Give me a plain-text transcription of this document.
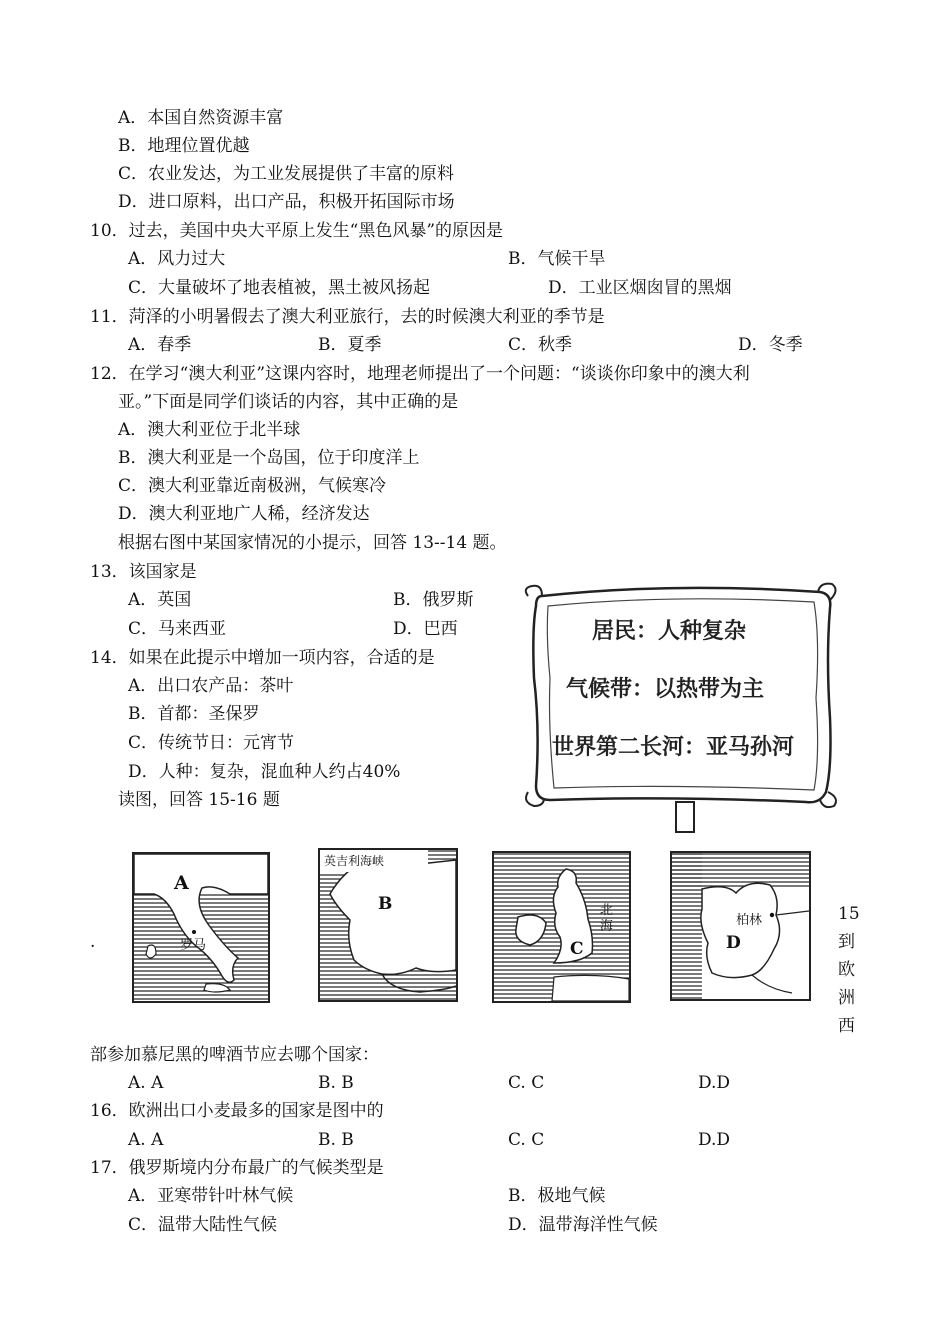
A．本国自然资源丰富
B．地理位置优越
C．农业发达，为工业发展提供了丰富的原料
D．进口原料，出口产品，积极开拓国际市场
10．过去，美国中央大平原上发生“黑色风暴”的原因是
A．风力过大	B．气候干旱
C．大量破坏了地表植被，黑土被风扬起	D．工业区烟囱冒的黑烟
11．菏泽的小明暑假去了澳大利亚旅行，去的时候澳大利亚的季节是
A．春季	B．夏季	C．秋季	D．冬季
12．在学习“澳大利亚”这课内容时，地理老师提出了一个问题：“谈谈你印象中的澳大利
亚。”下面是同学们谈话的内容，其中正确的是
A．澳大利亚位于北半球
B．澳大利亚是一个岛国，位于印度洋上
C．澳大利亚靠近南极洲，气候寒冷
D．澳大利亚地广人稀，经济发达
根据右图中某国家情况的小提示，回答 13--14 题。
13．该国家是
A．英国	B．俄罗斯
C．马来西亚	D．巴西
14．如果在此提示中增加一项内容，合适的是
A．出口农产品：茶叶
B．首都：圣保罗
C．传统节日：元宵节
D．人种：复杂，混血种人约占40%
读图，回答 15-16 题
居民：人种复杂
气候带：以热带为主
世界第二长河：亚马孙河
.
A
罗马
英吉利海峡
B	北海
C
柏林
D
15
到
欧
洲
西
部参加慕尼黑的啤酒节应去哪个国家：
A. A	B. B	C. C	D.D
16．欧洲出口小麦最多的国家是图中的
A. A	B. B	C. C	D.D
17．俄罗斯境内分布最广的气候类型是
A．亚寒带针叶林气候	B．极地气候
C．温带大陆性气候	D．温带海洋性气候
